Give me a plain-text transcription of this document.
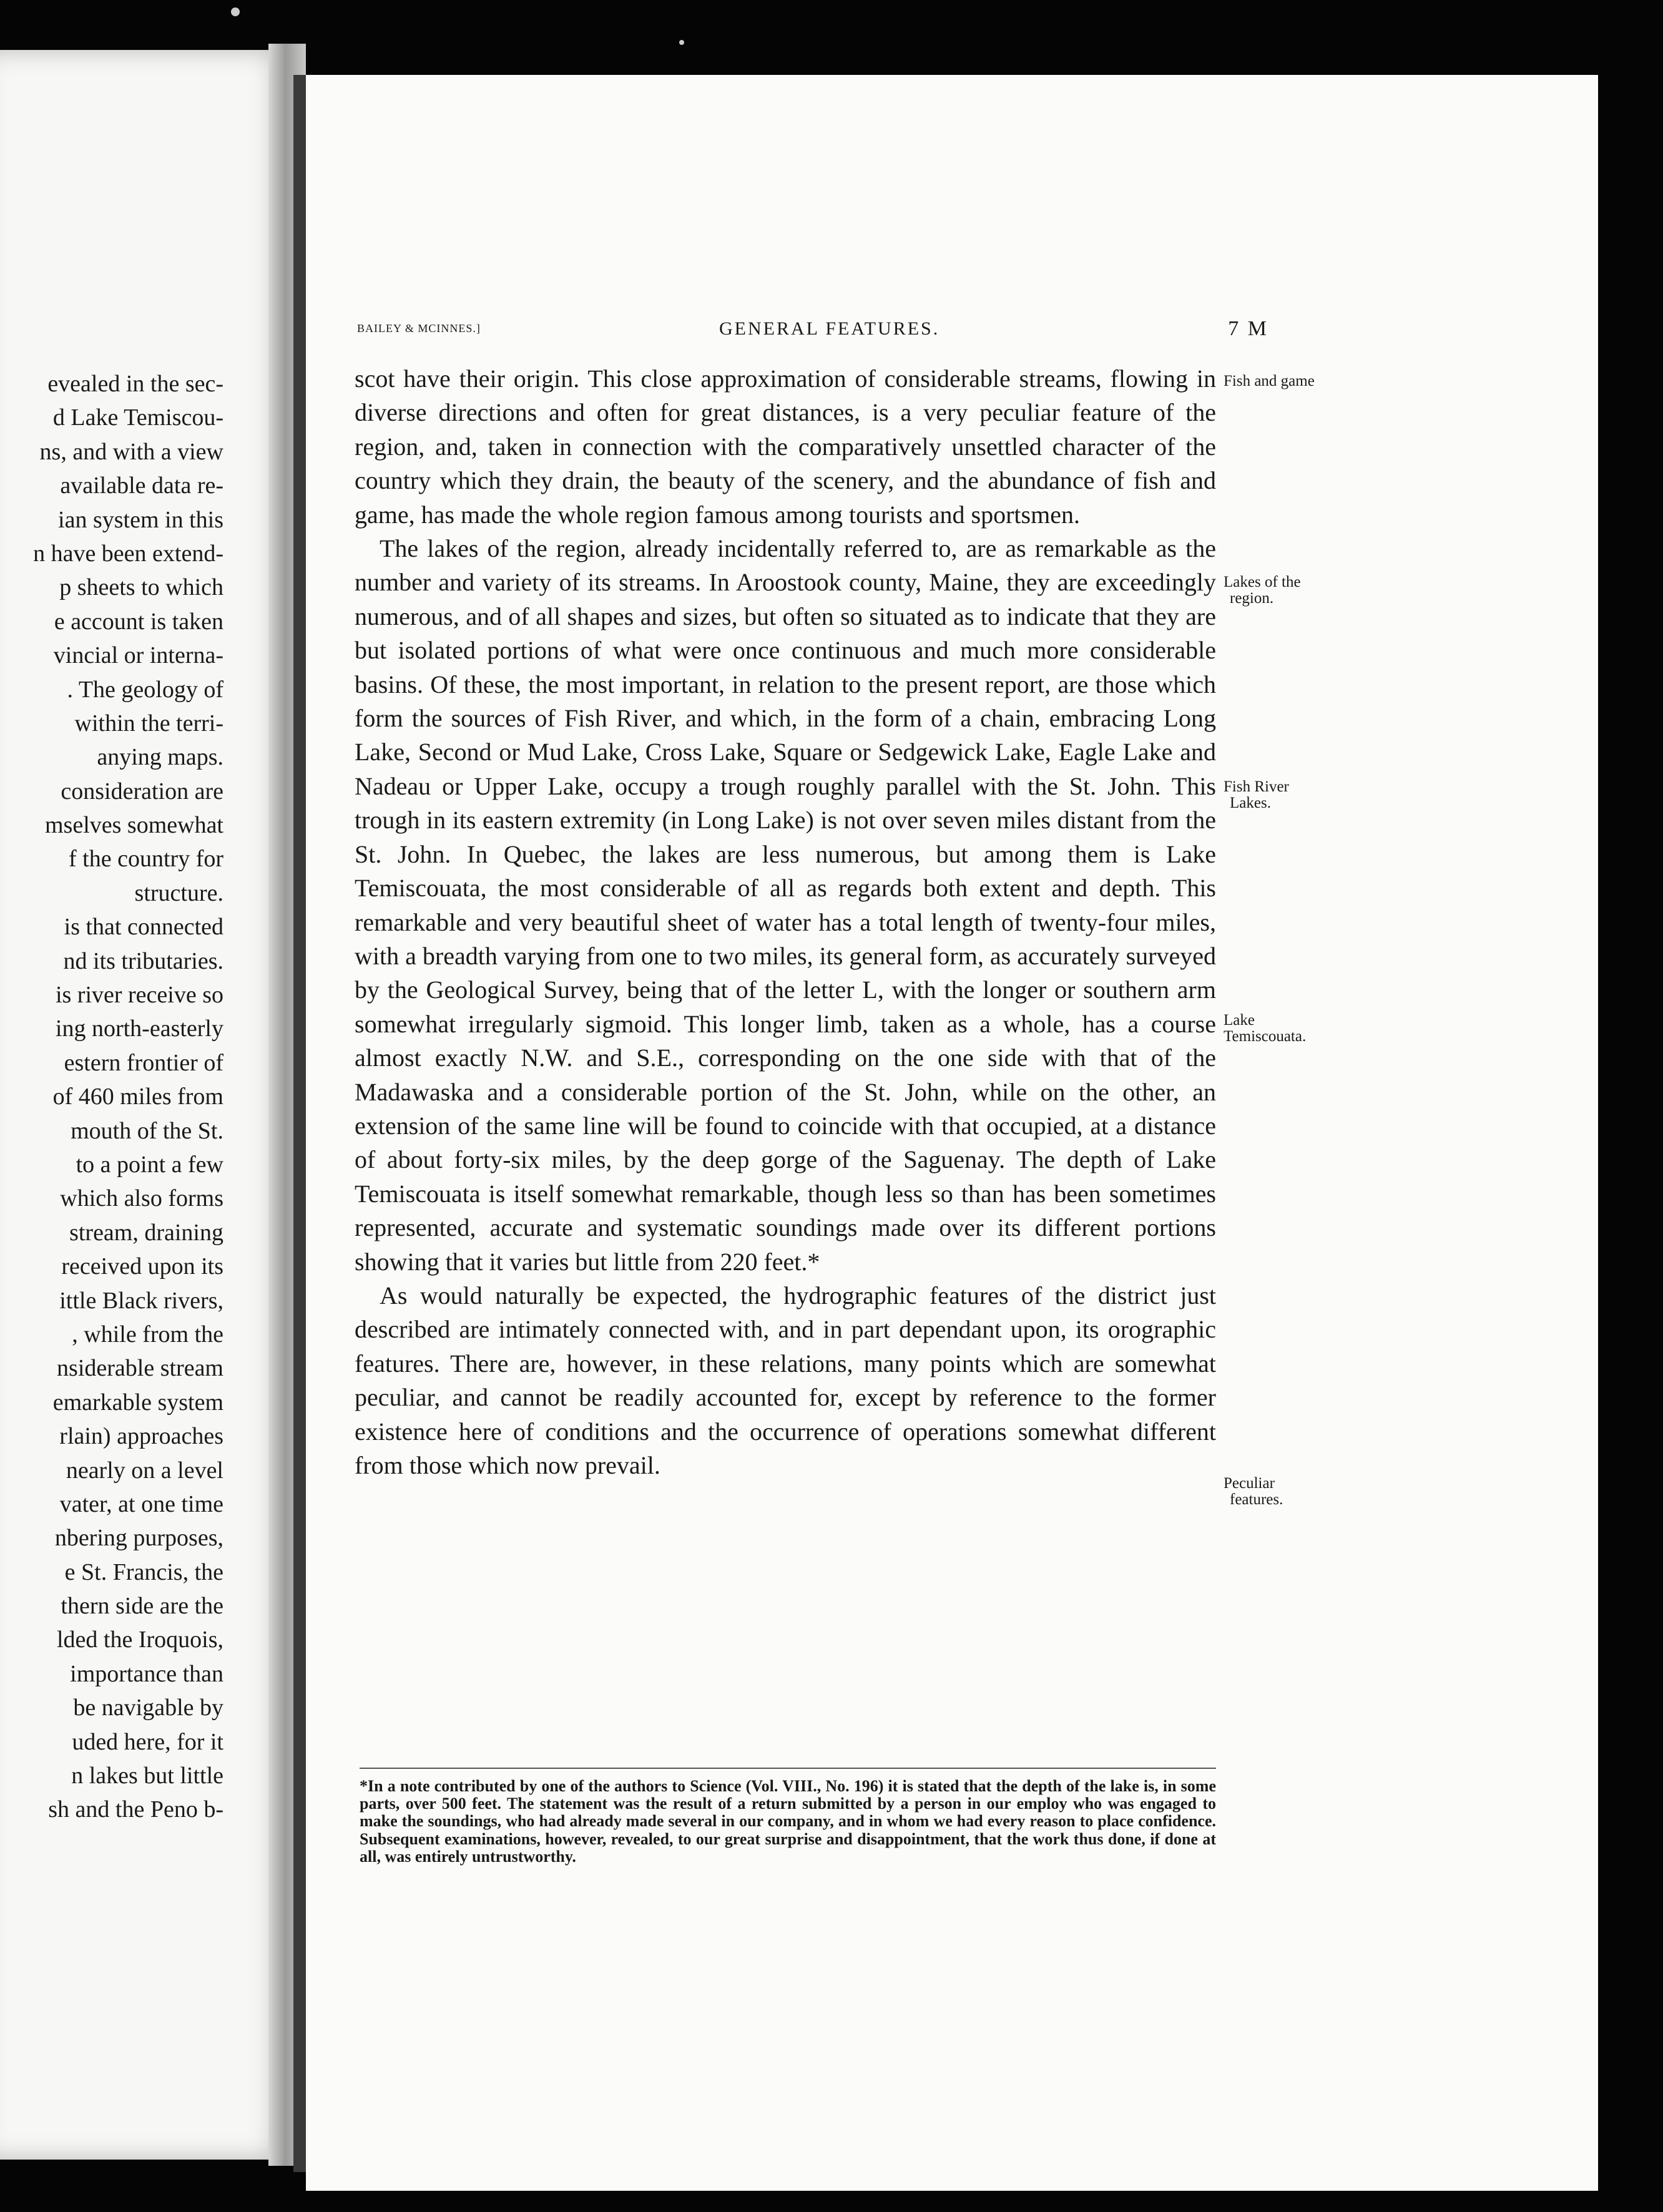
evealed in the sec-
d Lake Temiscou-
ns, and with a view
available data re-
ian system in this
n have been extend-
p sheets to which
e account is taken
vincial or interna-
. The geology of
within the terri-
anying maps.
consideration are
mselves somewhat
f the country for
structure.
is that connected
nd its tributaries.
is river receive so
ing north-easterly
estern frontier of
of 460 miles from
mouth of the St.
to a point a few
which also forms
stream, draining
received upon its
ittle Black rivers,
, while from the
nsiderable stream
emarkable system
rlain) approaches
nearly on a level
vater, at one time
nbering purposes,
e St. Francis, the
thern side are the
lded the Iroquois,
importance than
be navigable by
uded here, for it
n lakes but little
sh and the Peno b-
BAILEY & MCINNES.]	GENERAL FEATURES.	7 M

scot have their origin. This close approximation of considerable streams, flowing in diverse directions and often for great distances, is a very peculiar feature of the region, and, taken in connection with the comparatively unsettled character of the country which they drain, the beauty of the scenery, and the abundance of fish and game, has made the whole region famous among tourists and sportsmen.

The lakes of the region, already incidentally referred to, are as remarkable as the number and variety of its streams. In Aroostook county, Maine, they are exceedingly numerous, and of all shapes and sizes, but often so situated as to indicate that they are but isolated portions of what were once continuous and much more considerable basins. Of these, the most important, in relation to the present report, are those which form the sources of Fish River, and which, in the form of a chain, embracing Long Lake, Second or Mud Lake, Cross Lake, Square or Sedgewick Lake, Eagle Lake and Nadeau or Upper Lake, occupy a trough roughly parallel with the St. John. This trough in its eastern extremity (in Long Lake) is not over seven miles distant from the St. John. In Quebec, the lakes are less numerous, but among them is Lake Temiscouata, the most considerable of all as regards both extent and depth. This remarkable and very beautiful sheet of water has a total length of twenty-four miles, with a breadth varying from one to two miles, its general form, as accurately surveyed by the Geological Survey, being that of the letter L, with the longer or southern arm somewhat irregularly sigmoid. This longer limb, taken as a whole, has a course almost exactly N.W. and S.E., corresponding on the one side with that of the Madawaska and a considerable portion of the St. John, while on the other, an extension of the same line will be found to coincide with that occupied, at a distance of about forty-six miles, by the deep gorge of the Saguenay. The depth of Lake Temiscouata is itself somewhat remarkable, though less so than has been sometimes represented, accurate and systematic soundings made over its different portions showing that it varies but little from 220 feet.*

As would naturally be expected, the hydrographic features of the district just described are intimately connected with, and in part dependant upon, its orographic features. There are, however, in these relations, many points which are somewhat peculiar, and cannot be readily accounted for, except by reference to the former existence here of conditions and the occurrence of operations somewhat different from those which now prevail.

Fish and game
Lakes of the
region.
Fish River
Lakes.
Lake
Temiscouata.
Peculiar
features.
*In a note contributed by one of the authors to Science (Vol. VIII., No. 196) it is stated that the depth of the lake is, in some parts, over 500 feet. The statement was the result of a return submitted by a person in our employ who was engaged to make the soundings, who had already made several in our company, and in whom we had every reason to place confidence. Subsequent examinations, however, revealed, to our great surprise and disappointment, that the work thus done, if done at all, was entirely untrustworthy.
